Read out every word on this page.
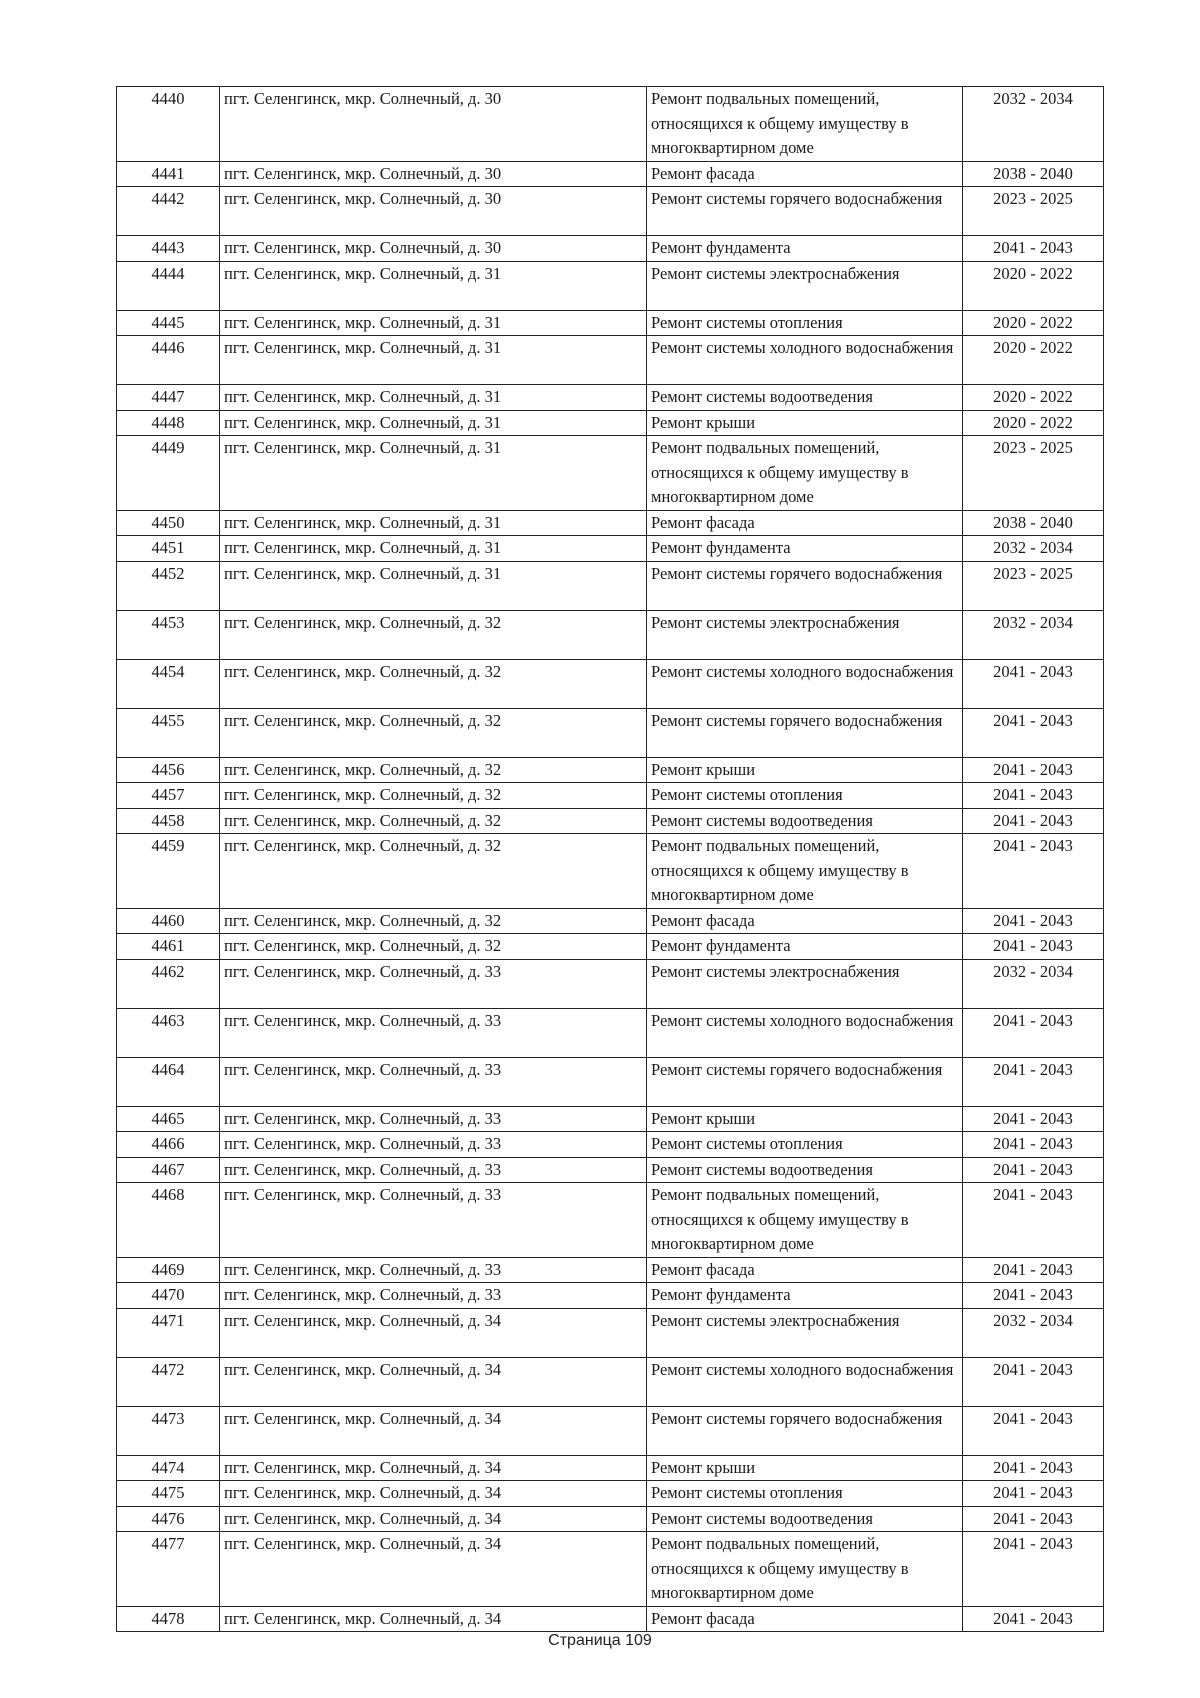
4440	пгт. Селенгинск, мкр. Солнечный, д. 30	Ремонт подвальных помещений, относящихся к общему имуществу в многоквартирном доме	2032 - 2034
4441	пгт. Селенгинск, мкр. Солнечный, д. 30	Ремонт фасада	2038 - 2040
4442	пгт. Селенгинск, мкр. Солнечный, д. 30	Ремонт системы горячего водоснабжения	2023 - 2025
4443	пгт. Селенгинск, мкр. Солнечный, д. 30	Ремонт фундамента	2041 - 2043
4444	пгт. Селенгинск, мкр. Солнечный, д. 31	Ремонт системы электроснабжения	2020 - 2022
4445	пгт. Селенгинск, мкр. Солнечный, д. 31	Ремонт системы отопления	2020 - 2022
4446	пгт. Селенгинск, мкр. Солнечный, д. 31	Ремонт системы холодного водоснабжения	2020 - 2022
4447	пгт. Селенгинск, мкр. Солнечный, д. 31	Ремонт системы водоотведения	2020 - 2022
4448	пгт. Селенгинск, мкр. Солнечный, д. 31	Ремонт крыши	2020 - 2022
4449	пгт. Селенгинск, мкр. Солнечный, д. 31	Ремонт подвальных помещений, относящихся к общему имуществу в многоквартирном доме	2023 - 2025
4450	пгт. Селенгинск, мкр. Солнечный, д. 31	Ремонт фасада	2038 - 2040
4451	пгт. Селенгинск, мкр. Солнечный, д. 31	Ремонт фундамента	2032 - 2034
4452	пгт. Селенгинск, мкр. Солнечный, д. 31	Ремонт системы горячего водоснабжения	2023 - 2025
4453	пгт. Селенгинск, мкр. Солнечный, д. 32	Ремонт системы электроснабжения	2032 - 2034
4454	пгт. Селенгинск, мкр. Солнечный, д. 32	Ремонт системы холодного водоснабжения	2041 - 2043
4455	пгт. Селенгинск, мкр. Солнечный, д. 32	Ремонт системы горячего водоснабжения	2041 - 2043
4456	пгт. Селенгинск, мкр. Солнечный, д. 32	Ремонт крыши	2041 - 2043
4457	пгт. Селенгинск, мкр. Солнечный, д. 32	Ремонт системы отопления	2041 - 2043
4458	пгт. Селенгинск, мкр. Солнечный, д. 32	Ремонт системы водоотведения	2041 - 2043
4459	пгт. Селенгинск, мкр. Солнечный, д. 32	Ремонт подвальных помещений, относящихся к общему имуществу в многоквартирном доме	2041 - 2043
4460	пгт. Селенгинск, мкр. Солнечный, д. 32	Ремонт фасада	2041 - 2043
4461	пгт. Селенгинск, мкр. Солнечный, д. 32	Ремонт фундамента	2041 - 2043
4462	пгт. Селенгинск, мкр. Солнечный, д. 33	Ремонт системы электроснабжения	2032 - 2034
4463	пгт. Селенгинск, мкр. Солнечный, д. 33	Ремонт системы холодного водоснабжения	2041 - 2043
4464	пгт. Селенгинск, мкр. Солнечный, д. 33	Ремонт системы горячего водоснабжения	2041 - 2043
4465	пгт. Селенгинск, мкр. Солнечный, д. 33	Ремонт крыши	2041 - 2043
4466	пгт. Селенгинск, мкр. Солнечный, д. 33	Ремонт системы отопления	2041 - 2043
4467	пгт. Селенгинск, мкр. Солнечный, д. 33	Ремонт системы водоотведения	2041 - 2043
4468	пгт. Селенгинск, мкр. Солнечный, д. 33	Ремонт подвальных помещений, относящихся к общему имуществу в многоквартирном доме	2041 - 2043
4469	пгт. Селенгинск, мкр. Солнечный, д. 33	Ремонт фасада	2041 - 2043
4470	пгт. Селенгинск, мкр. Солнечный, д. 33	Ремонт фундамента	2041 - 2043
4471	пгт. Селенгинск, мкр. Солнечный, д. 34	Ремонт системы электроснабжения	2032 - 2034
4472	пгт. Селенгинск, мкр. Солнечный, д. 34	Ремонт системы холодного водоснабжения	2041 - 2043
4473	пгт. Селенгинск, мкр. Солнечный, д. 34	Ремонт системы горячего водоснабжения	2041 - 2043
4474	пгт. Селенгинск, мкр. Солнечный, д. 34	Ремонт крыши	2041 - 2043
4475	пгт. Селенгинск, мкр. Солнечный, д. 34	Ремонт системы отопления	2041 - 2043
4476	пгт. Селенгинск, мкр. Солнечный, д. 34	Ремонт системы водоотведения	2041 - 2043
4477	пгт. Селенгинск, мкр. Солнечный, д. 34	Ремонт подвальных помещений, относящихся к общему имуществу в многоквартирном доме	2041 - 2043
4478	пгт. Селенгинск, мкр. Солнечный, д. 34	Ремонт фасада	2041 - 2043
Страница 109
